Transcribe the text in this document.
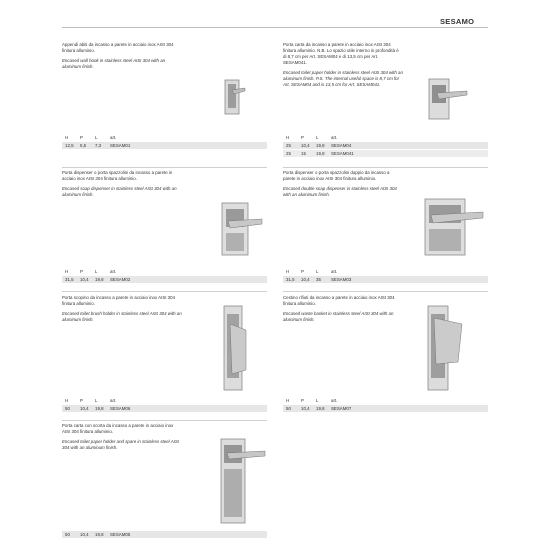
SESAMO
Appendi abiti da incasso a parete in acciaio inox AISI 304 finitura alluminio.
Encased wall hook in stainless steel AISI 304 with an aluminum finish.
H	P	L	art.
12,5	5,5	7,3	SESAM01
Porta carta da incasso a parete in acciaio inox AISI 304 finitura alluminio. N.B. Lo spazio utile interno in profondità è di 8,7 cm per Art. SESAM04 e di 13,5 cm per Art. SESAM041.
Encased toilet paper holder in stainless steel AISI 304 with an aluminum finish. P.S. The internal useful space is 8,7 cm for Art. SESAM04 and is 13,5 cm for Art. SESAM041.
H	P	L	art.
25	10,4	19,8	SESAM04
25	15	19,8	SESAM041
Porta dispenser o porta spazzolini da incasso a parete in acciaio inox AISI 304 finitura alluminio.
Encased soap dispenser in stainless steel AISI 304 with an aluminum finish.
H	P	L	art.
31,5	10,4	19,8	SESAM02
Porta dispenser o porta spazzolini doppio da incasso a parete in acciaio inox AISI 304 finitura alluminio.
Encased double soap dispenser in stainless steel AISI 304 with an aluminum finish.
H	P	L	art.
31,5	10,4	35	SESAM03
Porta scopino da incasso a parete in acciaio inox AISI 304 finitura alluminio.
Encased toilet brush holder in stainless steel AISI 304 with an aluminum finish.
H	P	L	art.
50	10,4	19,8	SESAM06
Cestino rifiuti da incasso a parete in acciaio inox AISI 304 finitura alluminio.
Encased waste basket in stainless steel AISI 304 with an aluminum finish.
H	P	L	art.
50	10,4	19,8	SESAM07
Porta carta con scorta da incasso a parete in acciaio inox AISI 304 finitura alluminio.
Encased toilet paper holder and spare in stainless steel AISI 304 with an aluminum finish.
50	10,4	19,8	SESAM05
